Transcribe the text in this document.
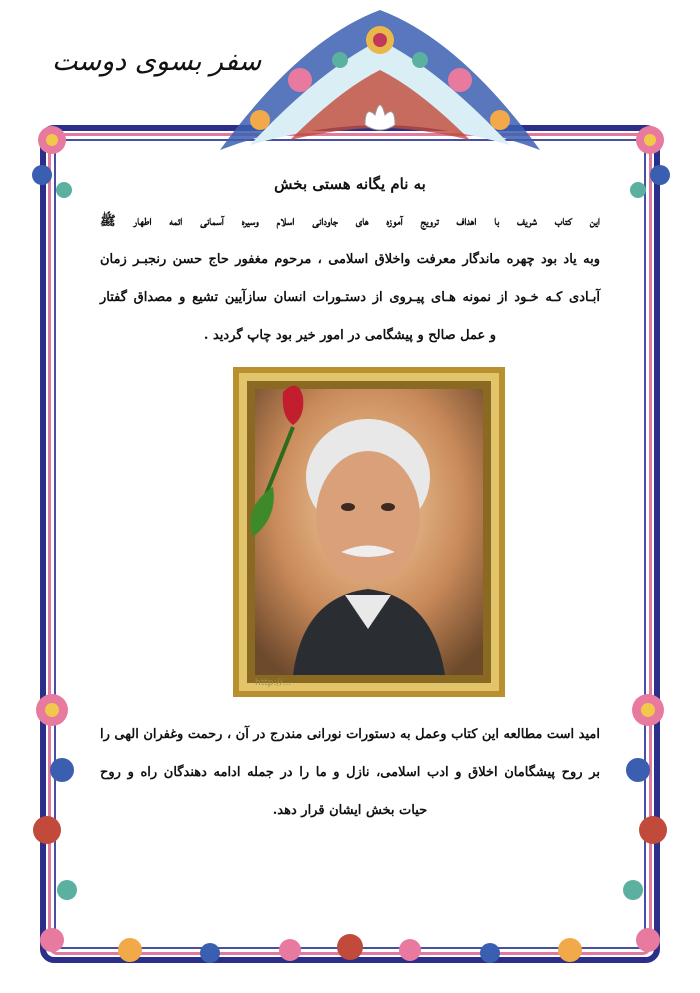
سفر بسوی دوست
به نام یگانه هستی بخش
این کتاب شریف با اهداف ترویج آموزه های جاودانی اسلام وسیره آسمانی ائمه اطهار ﷺ
وبه یاد بود چهره ماندگار معرفت واخلاق اسلامی ، مرحوم مغفور حاج حسن رنجبـر زمان
آبـادی کـه خـود از نمونه هـای پیـروی از دستـورات انسان سازآیین تشیع و مصداق گفتار
و عمل صالح و پیشگامی در امور خیر بود چاپ گردید .
http://...
امید است مطالعه این کتاب وعمل به دستورات نورانی مندرج در آن ، رحمت وغفران الهی را
بر روح پیشگامان اخلاق و ادب اسلامی، نازل و ما را در جمله ادامه دهندگان راه و روح
حیات بخش ایشان قرار دهد.
